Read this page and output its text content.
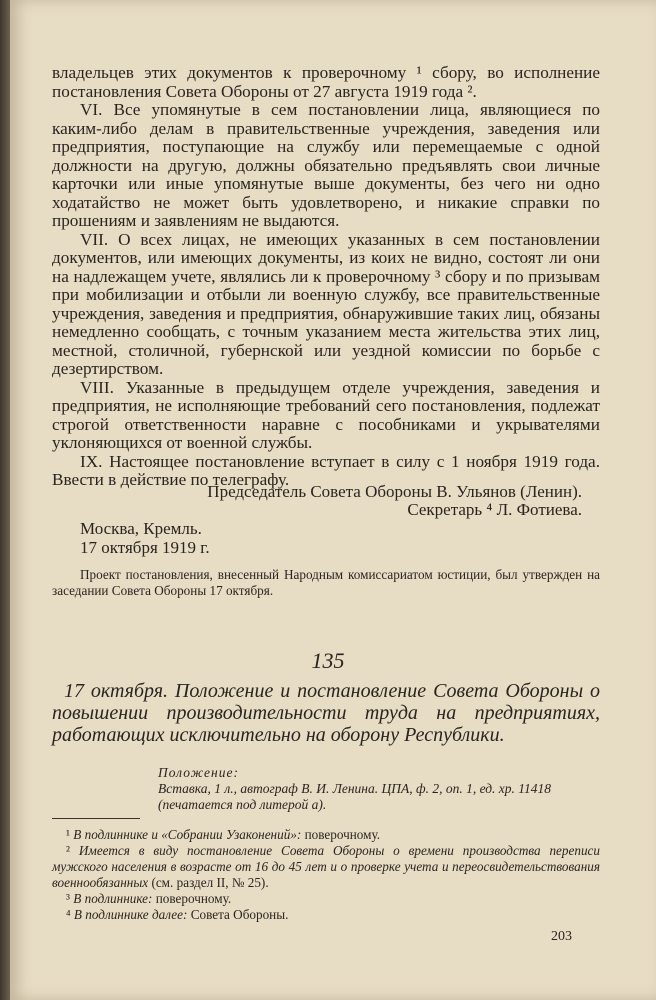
владельцев этих документов к проверочному ¹ сбору, во исполнение постановления Совета Обороны от 27 августа 1919 года ².

VI. Все упомянутые в сем постановлении лица, являющиеся по каким-либо делам в правительственные учреждения, заведения или предприятия, поступающие на службу или перемещаемые с одной должности на другую, должны обязательно предъявлять свои личные карточки или иные упомянутые выше документы, без чего ни одно ходатайство не может быть удовлетворено, и никакие справки по прошениям и заявлениям не выдаются.

VII. О всех лицах, не имеющих указанных в сем постановлении документов, или имеющих документы, из коих не видно, состоят ли они на надлежащем учете, являлись ли к проверочному ³ сбору и по призывам при мобилизации и отбыли ли военную службу, все правительственные учреждения, заведения и предприятия, обнаружившие таких лиц, обязаны немедленно сообщать, с точным указанием места жительства этих лиц, местной, столичной, губернской или уездной комиссии по борьбе с дезертирством.

VIII. Указанные в предыдущем отделе учреждения, заведения и предприятия, не исполняющие требований сего постановления, подлежат строгой ответственности наравне с пособниками и укрывателями уклоняющихся от военной службы.

IX. Настоящее постановление вступает в силу с 1 ноября 1919 года. Ввести в действие по телеграфу.

Председатель Совета Обороны В. Ульянов (Ленин).
Секретарь ⁴ Л. Фотиева.
Москва, Кремль.
17 октября 1919 г.

Проект постановления, внесенный Народным комиссариатом юстиции, был утвержден на заседании Совета Обороны 17 октября.

135
17 октября. Положение и постановление Совета Обороны о повышении производительности труда на предприятиях, работающих исключительно на оборону Республики.
Положение:
Вставка, 1 л., автограф В. И. Ленина. ЦПА, ф. 2, оп. 1, ед. хр. 11418 (печатается под литерой а).

¹ В подлиннике и «Собрании Узаконений»: поверочному.

² Имеется в виду постановление Совета Обороны о времени производства переписи мужского населения в возрасте от 16 до 45 лет и о проверке учета и переосвидетельствования военнообязанных (см. раздел II, № 25).

³ В подлиннике: поверочному.

⁴ В подлиннике далее: Совета Обороны.

203
